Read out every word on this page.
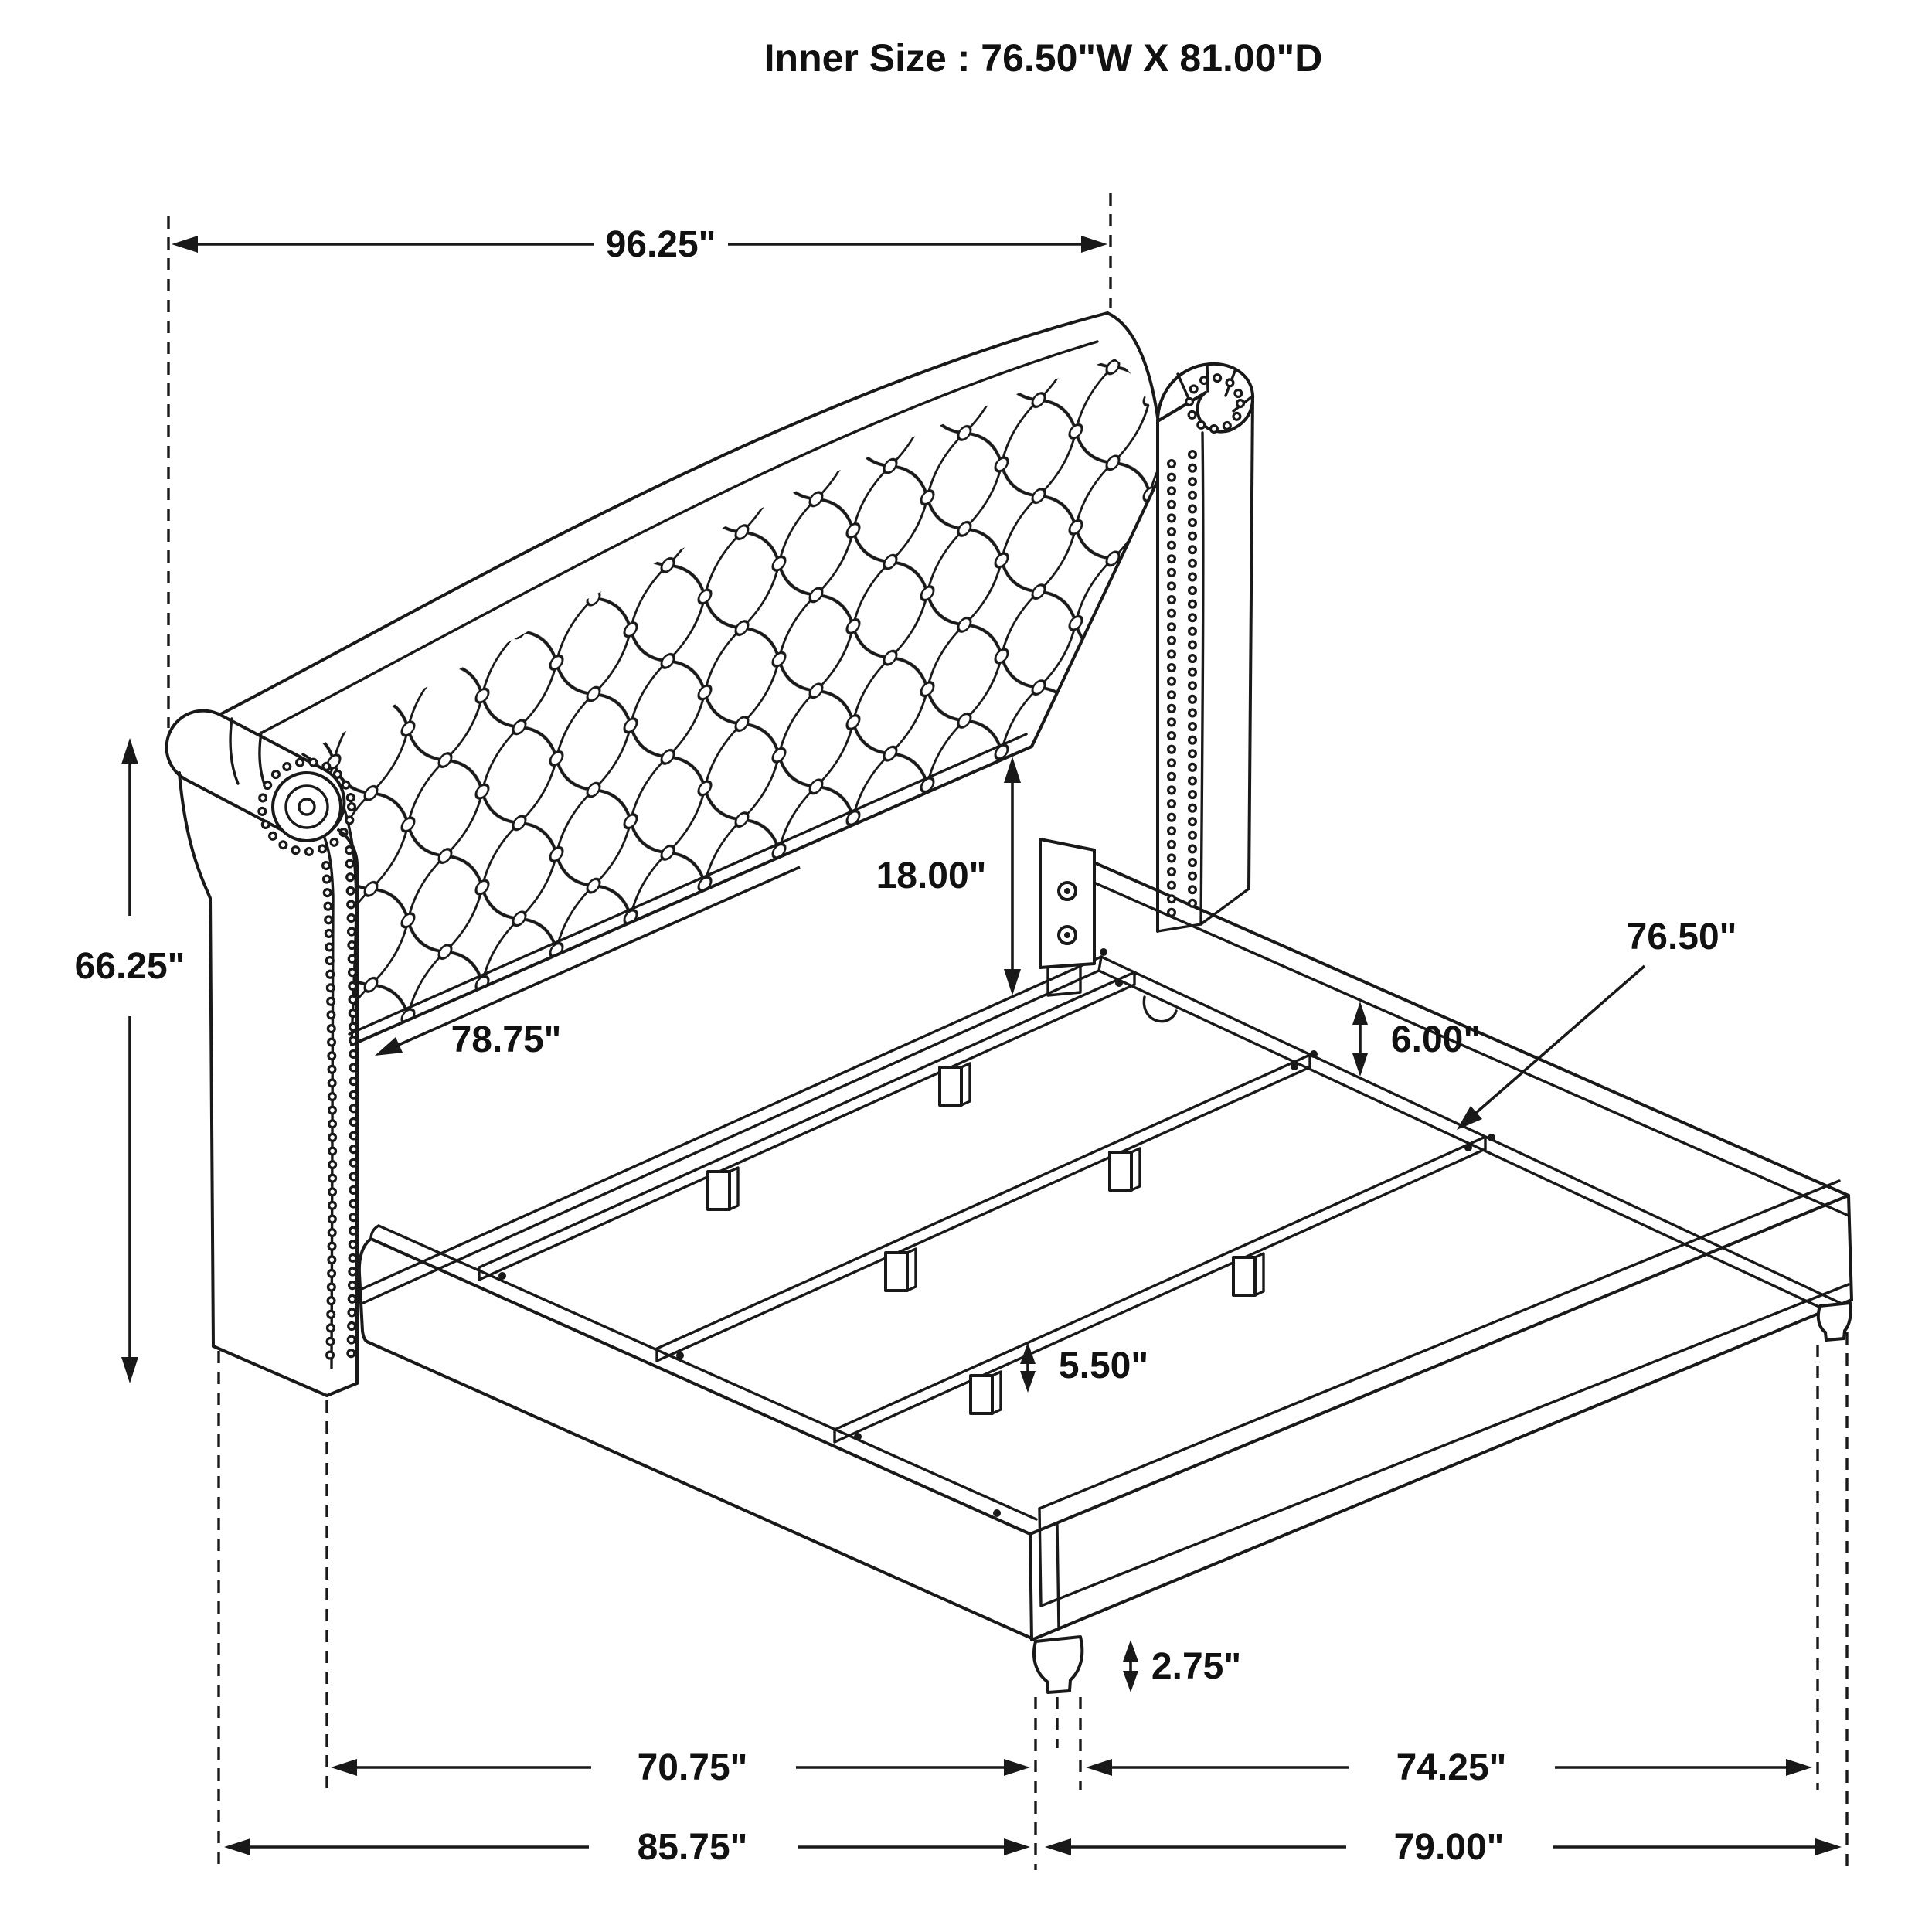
96.25"
66.25"
78.75"
18.00"
6.00"
76.50"
5.50"
2.75"
70.75"	74.25"
85.75"	79.00"
Inner Size : 76.50"W X 81.00"D
